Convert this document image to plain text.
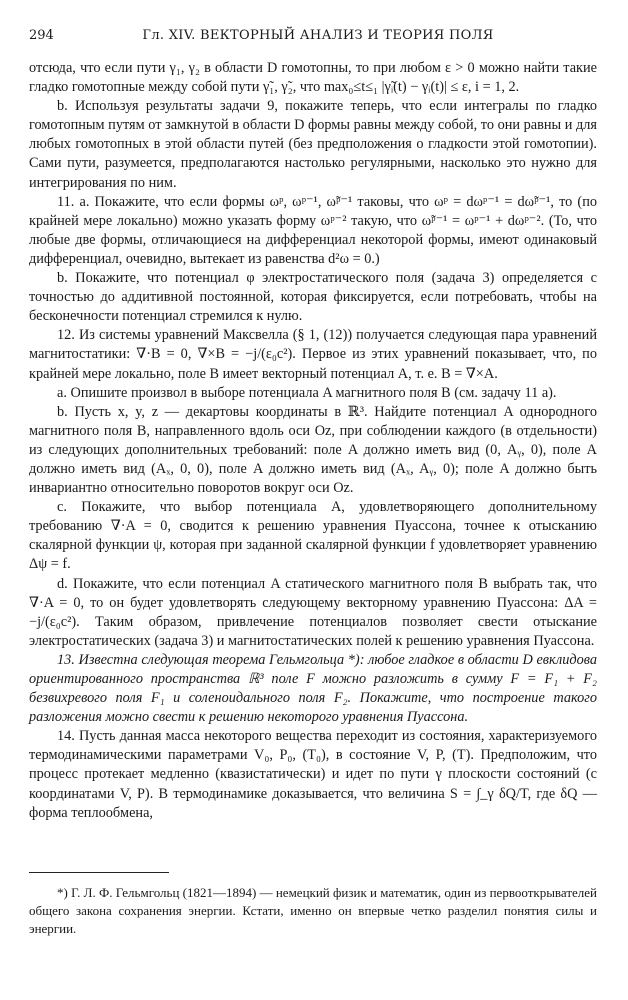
294	Гл. XIV. ВЕКТОРНЫЙ АНАЛИЗ И ТЕОРИЯ ПОЛЯ

отсюда, что если пути γ₁, γ₂ в области D гомотопны, то при любом ε > 0 можно найти такие гладко гомотопные между собой пути γ̃₁, γ̃₂, что max₀≤t≤₁ |γ̃ᵢ(t) − γᵢ(t)| ≤ ε, i = 1, 2.

b. Используя результаты задачи 9, покажите теперь, что если интегралы по гладко гомотопным путям от замкнутой в области D формы равны между собой, то они равны и для любых гомотопных в этой области путей (без предположения о гладкости этой гомотопии). Сами пути, разумеется, предполагаются настолько регулярными, насколько это нужно для интегрирования по ним.

11. a. Покажите, что если формы ωᵖ, ωᵖ⁻¹, ω̃ᵖ⁻¹ таковы, что ωᵖ = dωᵖ⁻¹ = dω̃ᵖ⁻¹, то (по крайней мере локально) можно указать форму ωᵖ⁻² такую, что ω̃ᵖ⁻¹ = ωᵖ⁻¹ + dωᵖ⁻². (То, что любые две формы, отличающиеся на дифференциал некоторой формы, имеют одинаковый дифференциал, очевидно, вытекает из равенства d²ω = 0.)

b. Покажите, что потенциал φ электростатического поля (задача 3) определяется с точностью до аддитивной постоянной, которая фиксируется, если потребовать, чтобы на бесконечности потенциал стремился к нулю.

12. Из системы уравнений Максвелла (§ 1, (12)) получается следующая пара уравнений магнитостатики: ∇·B = 0, ∇×B = −j/(ε₀c²). Первое из этих уравнений показывает, что, по крайней мере локально, поле B имеет векторный потенциал A, т. е. B = ∇×A.

a. Опишите произвол в выборе потенциала A магнитного поля B (см. задачу 11 a).

b. Пусть x, y, z — декартовы координаты в ℝ³. Найдите потенциал A однородного магнитного поля B, направленного вдоль оси Oz, при соблюдении каждого (в отдельности) из следующих дополнительных требований: поле A должно иметь вид (0, Aᵧ, 0), поле A должно иметь вид (Aₓ, 0, 0), поле A должно иметь вид (Aₓ, Aᵧ, 0); поле A должно быть инвариантно относительно поворотов вокруг оси Oz.

c. Покажите, что выбор потенциала A, удовлетворяющего дополнительному требованию ∇·A = 0, сводится к решению уравнения Пуассона, точнее к отысканию скалярной функции ψ, которая при заданной скалярной функции f удовлетворяет уравнению Δψ = f.

d. Покажите, что если потенциал A статического магнитного поля B выбрать так, что ∇·A = 0, то он будет удовлетворять следующему векторному уравнению Пуассона: ΔA = −j/(ε₀c²). Таким образом, привлечение потенциалов позволяет свести отыскание электростатических (задача 3) и магнитостатических полей к решению уравнения Пуассона.

13. Известна следующая теорема Гельмгольца *): любое гладкое в области D евклидова ориентированного пространства ℝ³ поле F можно разложить в сумму F = F₁ + F₂ безвихревого поля F₁ и соленоидального поля F₂. Покажите, что построение такого разложения можно свести к решению некоторого уравнения Пуассона.

14. Пусть данная масса некоторого вещества переходит из состояния, характеризуемого термодинамическими параметрами V₀, P₀, (T₀), в состояние V, P, (T). Предположим, что процесс протекает медленно (квазистатически) и идет по пути γ плоскости состояний (с координатами V, P). В термодинамике доказывается, что величина S = ∫_γ δQ/T, где δQ — форма теплообмена,

*) Г. Л. Ф. Гельмгольц (1821—1894) — немецкий физик и математик, один из первооткрывателей общего закона сохранения энергии. Кстати, именно он впервые четко разделил понятия силы и энергии.
